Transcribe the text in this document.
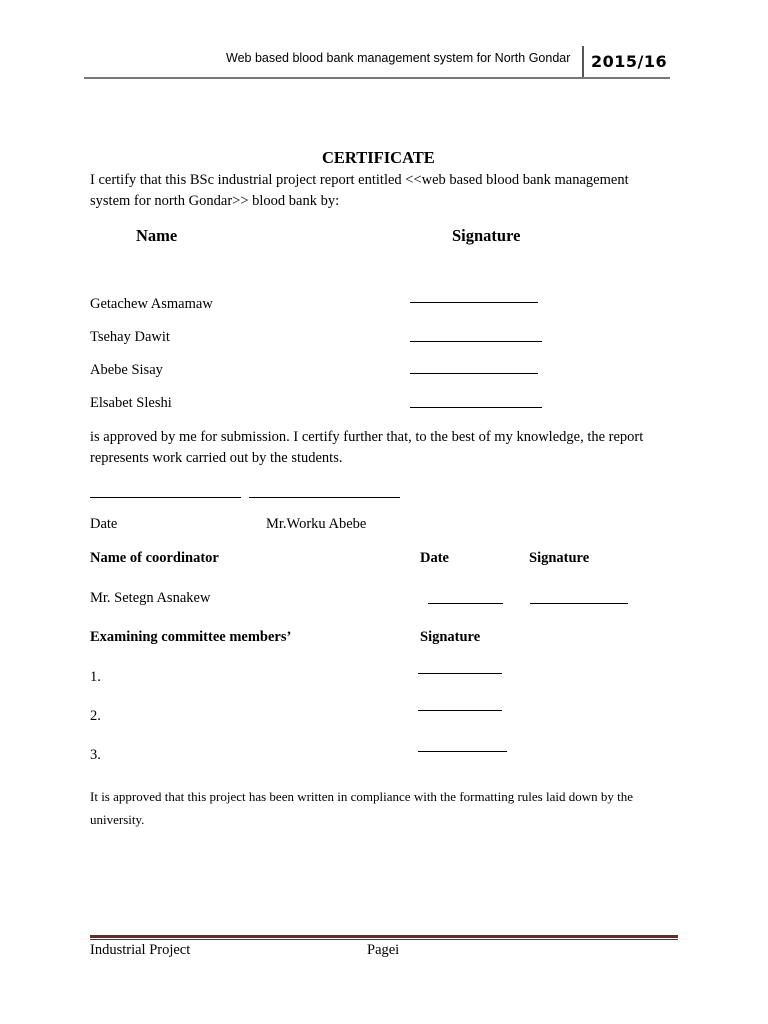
Web based blood bank management system for North Gondar 2015/16
CERTIFICATE
I certify that this BSc industrial project report entitled <<web based blood bank management
system for north Gondar>> blood bank by:
Name	Signature
Getachew Asmamaw
Tsehay Dawit
Abebe Sisay
Elsabet Sleshi
is approved by me for submission. I certify further that, to the best of my knowledge, the report
represents work carried out by the students.
Date	Mr.Worku Abebe
Name of coordinator	Date	Signature
Mr. Setegn Asnakew
Examining committee members’	Signature
1.
2.
3.
It is approved that this project has been written in compliance with the formatting rules laid down by the
university.
Industrial Project	Pagei
